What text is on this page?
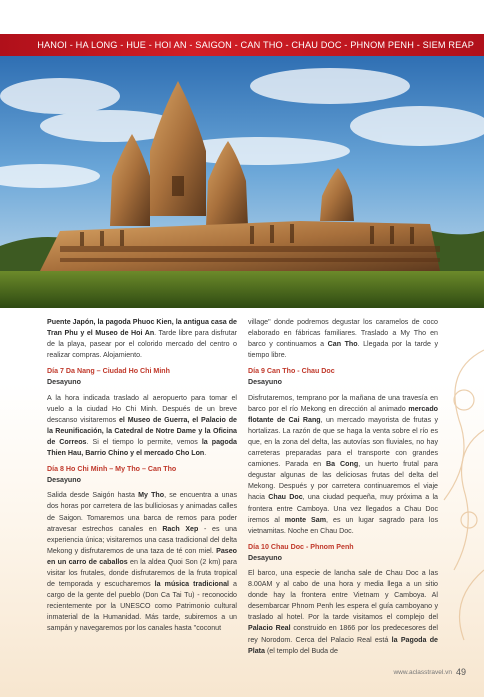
HANOI - HA LONG - HUE - HOI AN - SAIGON - CAN THO - CHAU DOC - PHNOM PENH - SIEM REAP

Puente Japón, la pagoda Phuoc Kien, la antigua casa de Tran Phu y el Museo de Hoi An. Tarde libre para disfrutar de la playa, pasear por el colorido mercado del centro o realizar compras. Alojamiento.

Día 7 Da Nang – Ciudad Ho Chi Minh

Desayuno

A la hora indicada traslado al aeropuerto para tomar el vuelo a la ciudad Ho Chi Minh. Después de un breve descanso visitaremos el Museo de Guerra, el Palacio de la Reunificación, la Catedral de Notre Dame y la Oficina de Correos. Si el tiempo lo permite, vemos la pagoda Thien Hau, Barrio Chino y el mercado Cho Lon.

Día 8 Ho Chi Minh – My Tho – Can Tho

Desayuno

Salida desde Saigón hasta My Tho, se encuentra a unas dos horas por carretera de las bulliciosas y animadas calles de Saigon. Tomaremos una barca de remos para poder atravesar estrechos canales en Rach Xep - es una experiencia única; visitaremos una casa tradicional del delta Mekong y disfrutaremos de una taza de té con miel. Paseo en un carro de caballos en la aldea Quoi Son (2 km) para visitar los frutales, donde disfrutaremos de la fruta tropical de temporada y escucharemos la música tradicional a cargo de la gente del pueblo (Don Ca Tai Tu) - reconocido recientemente por la UNESCO como Patrimonio cultural inmaterial de la Humanidad. Más tarde, subiremos a un sampán y navegaremos por los canales hasta "coconut

village" donde podremos degustar los caramelos de coco elaborado en fábricas familiares. Traslado a My Tho en barco y continuamos a Can Tho. Llegada por la tarde y tiempo libre.

Día 9 Can Tho - Chau Doc

Desayuno

Disfrutaremos, temprano por la mañana de una travesía en barco por el río Mekong en dirección al animado mercado flotante de Cai Rang, un mercado mayorista de frutas y hortalizas. La razón de que se haga la venta sobre el río es que, en la zona del delta, las autovías son fluviales, no hay carreteras preparadas para el transporte con grandes camiones. Parada en Ba Cong, un huerto frutal para degustar algunas de las deliciosas frutas del delta del Mekong. Después y por carretera continuaremos el viaje hacia Chau Doc, una ciudad pequeña, muy próxima a la frontera entre Camboya. Una vez llegados a Chau Doc iremos al monte Sam, es un lugar sagrado para los vietnamitas. Noche en Chau Doc.

Día 10 Chau Doc - Phnom Penh

Desayuno

El barco, una especie de lancha sale de Chau Doc a las 8.00AM y al cabo de una hora y media llega a un sitio donde hay la frontera entre Vietnam y Camboya. Al desembarcar Phnom Penh les espera el guía camboyano y traslado al hotel. Por la tarde visitamos el complejo del Palacio Real construido en 1866 por los predecesores del rey Norodom. Cerca del Palacio Real está la Pagoda de Plata (el templo del Buda de

www.aclasstravel.vn 49
